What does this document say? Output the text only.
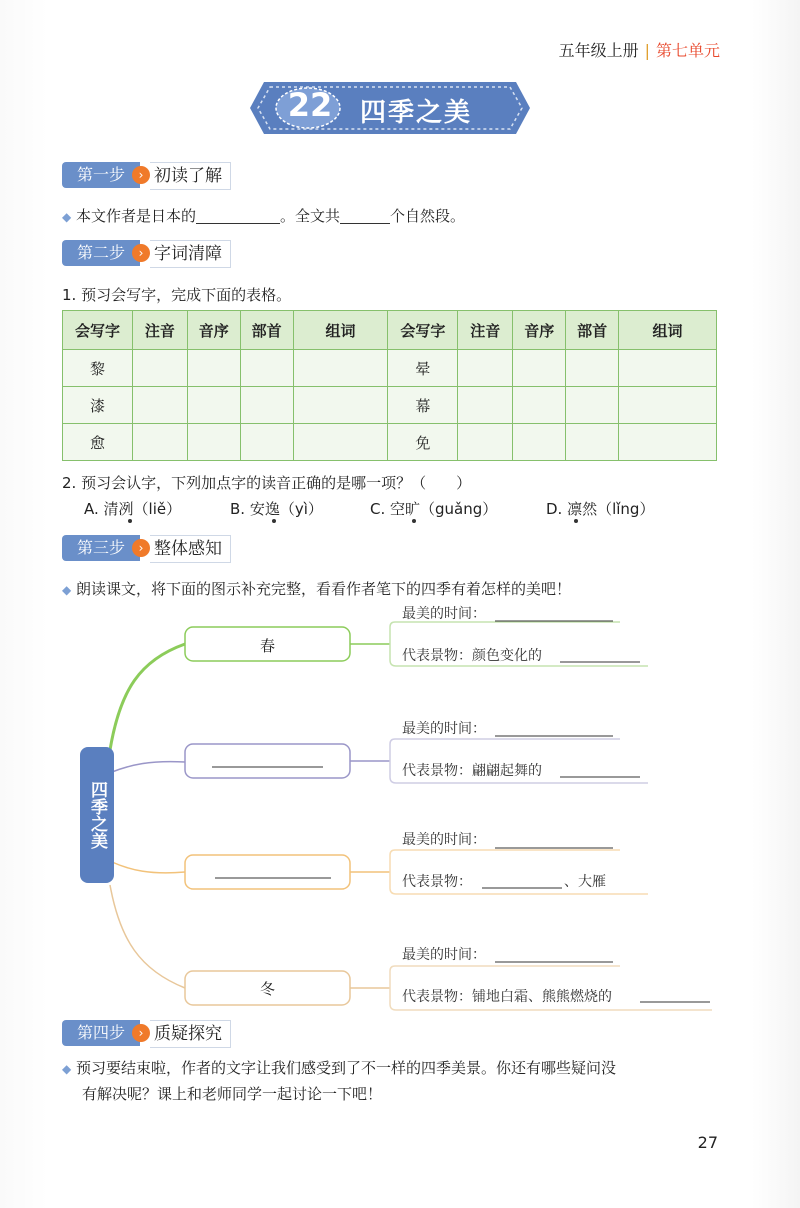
五年级上册 | 第七单元
22 四季之美
第一步	› 初读了解
◆ 本文作者是日本的	。全文共	个自然段。
第二步	› 字词清障
1. 预习会写字，完成下面的表格。
会写字	注音	音序	部首	组词	会写字	注音	音序	部首	组词
黎					晕				
漆					幕				
愈					免				
2. 预习会认字，下列加点字的读音正确的是哪一项？（　　）
A. 清冽（liě）	B. 安逸（yì）	C. 空旷（guǎng）	D. 凛然（lǐng）
第三步	› 整体感知
◆ 朗读课文，将下面的图示补充完整，看看作者笔下的四季有着怎样的美吧！
四季之美
春
冬
最美的时间：
代表景物：颜色变化的
最美的时间：
代表景物：翩翩起舞的
最美的时间：
代表景物：	、大雁
最美的时间：
代表景物：铺地白霜、熊熊燃烧的
第四步	› 质疑探究
◆ 预习要结束啦，作者的文字让我们感受到了不一样的四季美景。你还有哪些疑问没
有解决呢？课上和老师同学一起讨论一下吧！
27
